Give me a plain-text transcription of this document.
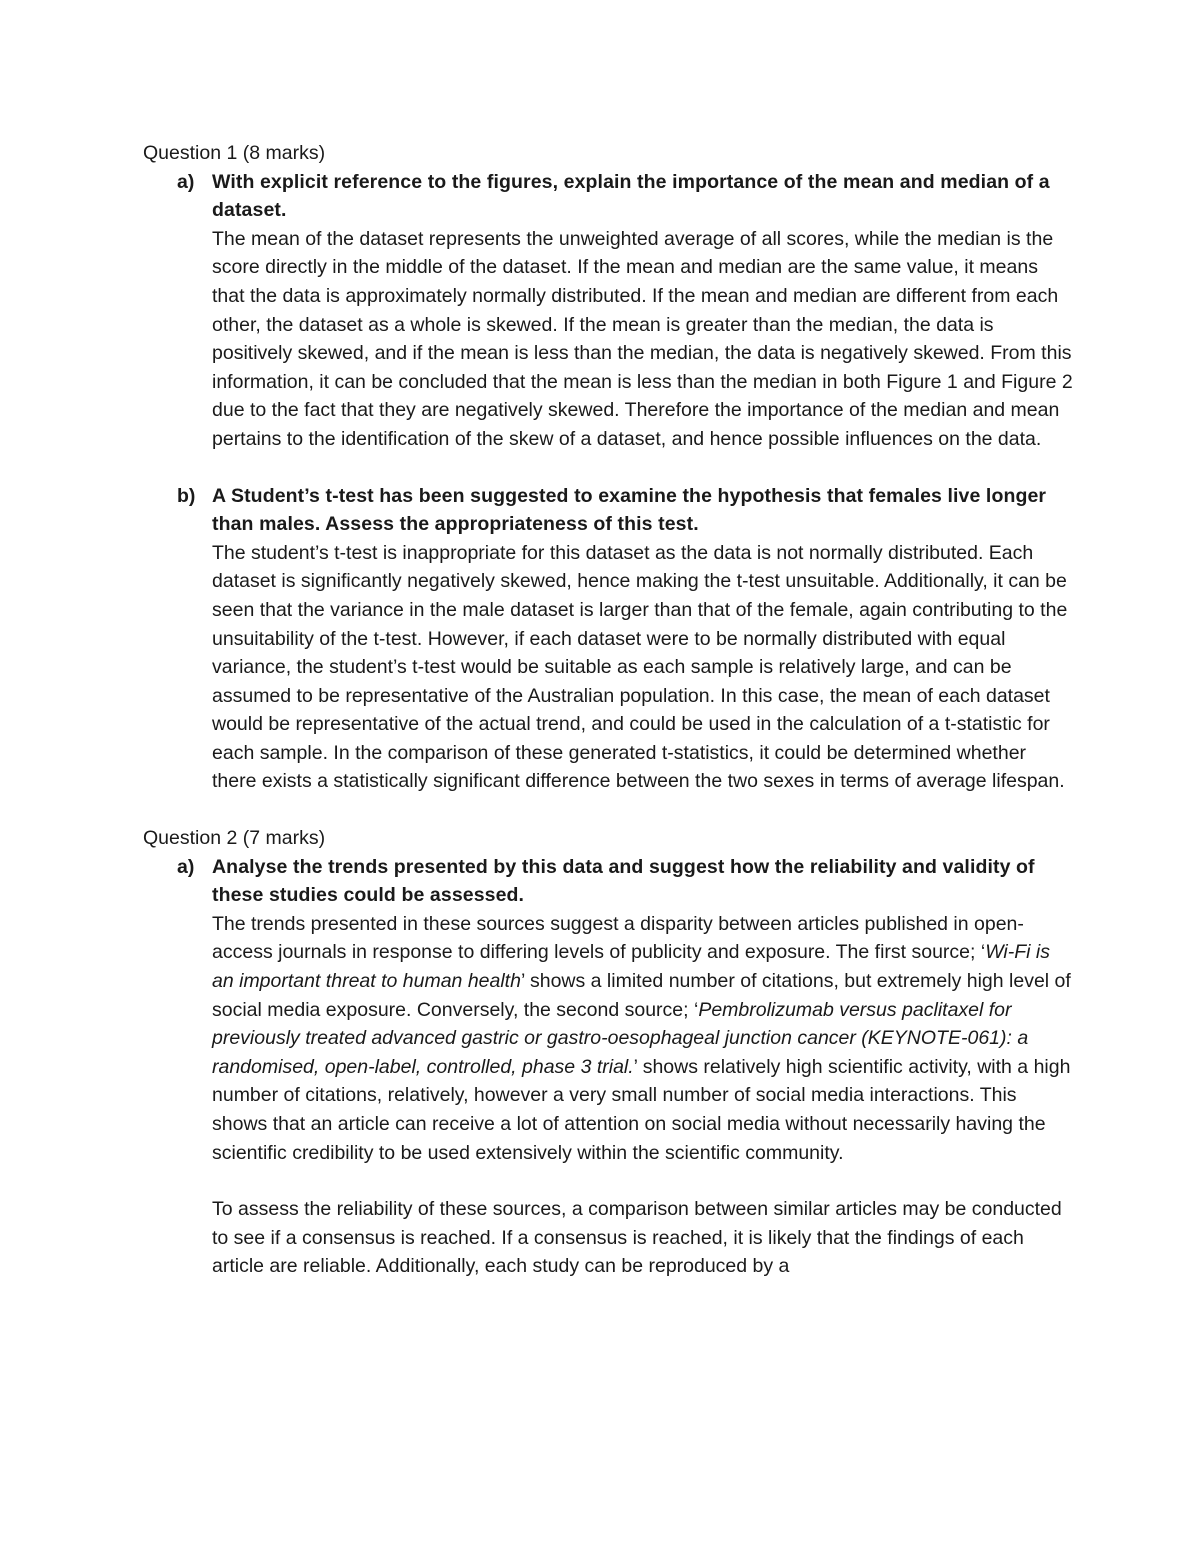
Question 1 (8 marks)
a) With explicit reference to the figures, explain the importance of the mean and median of a dataset.

The mean of the dataset represents the unweighted average of all scores, while the median is the score directly in the middle of the dataset. If the mean and median are the same value, it means that the data is approximately normally distributed. If the mean and median are different from each other, the dataset as a whole is skewed. If the mean is greater than the median, the data is positively skewed, and if the mean is less than the median, the data is negatively skewed. From this information, it can be concluded that the mean is less than the median in both Figure 1 and Figure 2 due to the fact that they are negatively skewed. Therefore the importance of the median and mean pertains to the identification of the skew of a dataset, and hence possible influences on the data.

b) A Student’s t-test has been suggested to examine the hypothesis that females live longer than males. Assess the appropriateness of this test.

The student’s t-test is inappropriate for this dataset as the data is not normally distributed. Each dataset is significantly negatively skewed, hence making the t-test unsuitable. Additionally, it can be seen that the variance in the male dataset is larger than that of the female, again contributing to the unsuitability of the t-test. However, if each dataset were to be normally distributed with equal variance, the student’s t-test would be suitable as each sample is relatively large, and can be assumed to be representative of the Australian population. In this case, the mean of each dataset would be representative of the actual trend, and could be used in the calculation of a t-statistic for each sample. In the comparison of these generated t-statistics, it could be determined whether there exists a statistically significant difference between the two sexes in terms of average lifespan.

Question 2 (7 marks)
a) Analyse the trends presented by this data and suggest how the reliability and validity of these studies could be assessed.

The trends presented in these sources suggest a disparity between articles published in open-access journals in response to differing levels of publicity and exposure. The first source; ‘Wi-Fi is an important threat to human health’ shows a limited number of citations, but extremely high level of social media exposure. Conversely, the second source; ‘Pembrolizumab versus paclitaxel for previously treated advanced gastric or gastro-oesophageal junction cancer (KEYNOTE-061): a randomised, open-label, controlled, phase 3 trial.’ shows relatively high scientific activity, with a high number of citations, relatively, however a very small number of social media interactions. This shows that an article can receive a lot of attention on social media without necessarily having the scientific credibility to be used extensively within the scientific community.

To assess the reliability of these sources, a comparison between similar articles may be conducted to see if a consensus is reached. If a consensus is reached, it is likely that the findings of each article are reliable. Additionally, each study can be reproduced by a
